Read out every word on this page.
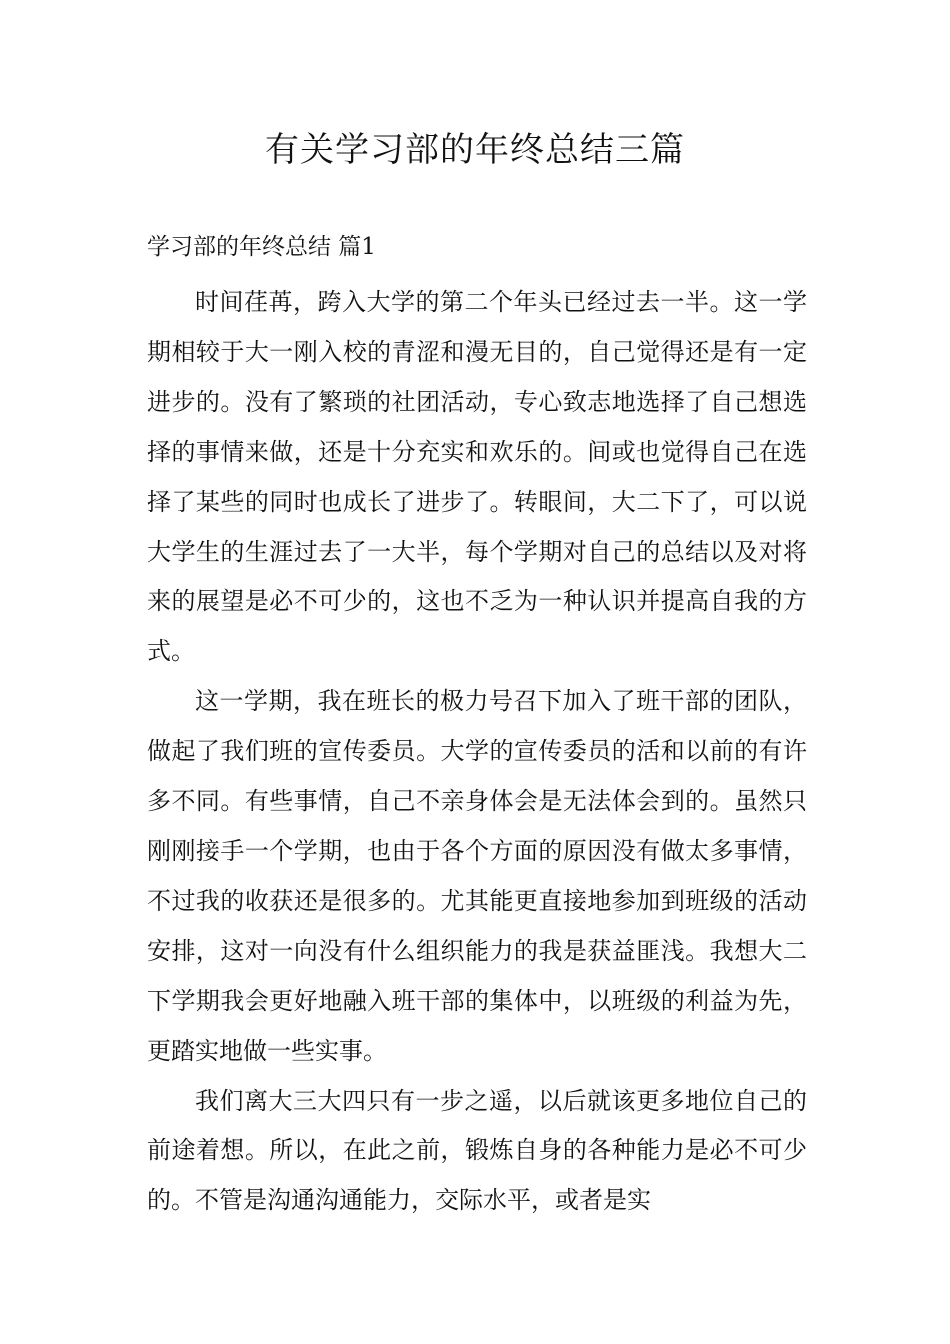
有关学习部的年终总结三篇
学习部的年终总结 篇1

时间荏苒，跨入大学的第二个年头已经过去一半。这一学期相较于大一刚入校的青涩和漫无目的，自己觉得还是有一定进步的。没有了繁琐的社团活动，专心致志地选择了自己想选择的事情来做，还是十分充实和欢乐的。间或也觉得自己在选择了某些的同时也成长了进步了。转眼间，大二下了，可以说大学生的生涯过去了一大半，每个学期对自己的总结以及对将来的展望是必不可少的，这也不乏为一种认识并提高自我的方式。

这一学期，我在班长的极力号召下加入了班干部的团队，做起了我们班的宣传委员。大学的宣传委员的活和以前的有许多不同。有些事情，自己不亲身体会是无法体会到的。虽然只刚刚接手一个学期，也由于各个方面的原因没有做太多事情，不过我的收获还是很多的。尤其能更直接地参加到班级的活动安排，这对一向没有什么组织能力的我是获益匪浅。我想大二下学期我会更好地融入班干部的集体中，以班级的利益为先，更踏实地做一些实事。

我们离大三大四只有一步之遥，以后就该更多地位自己的前途着想。所以，在此之前，锻炼自身的各种能力是必不可少的。不管是沟通沟通能力，交际水平，或者是实
